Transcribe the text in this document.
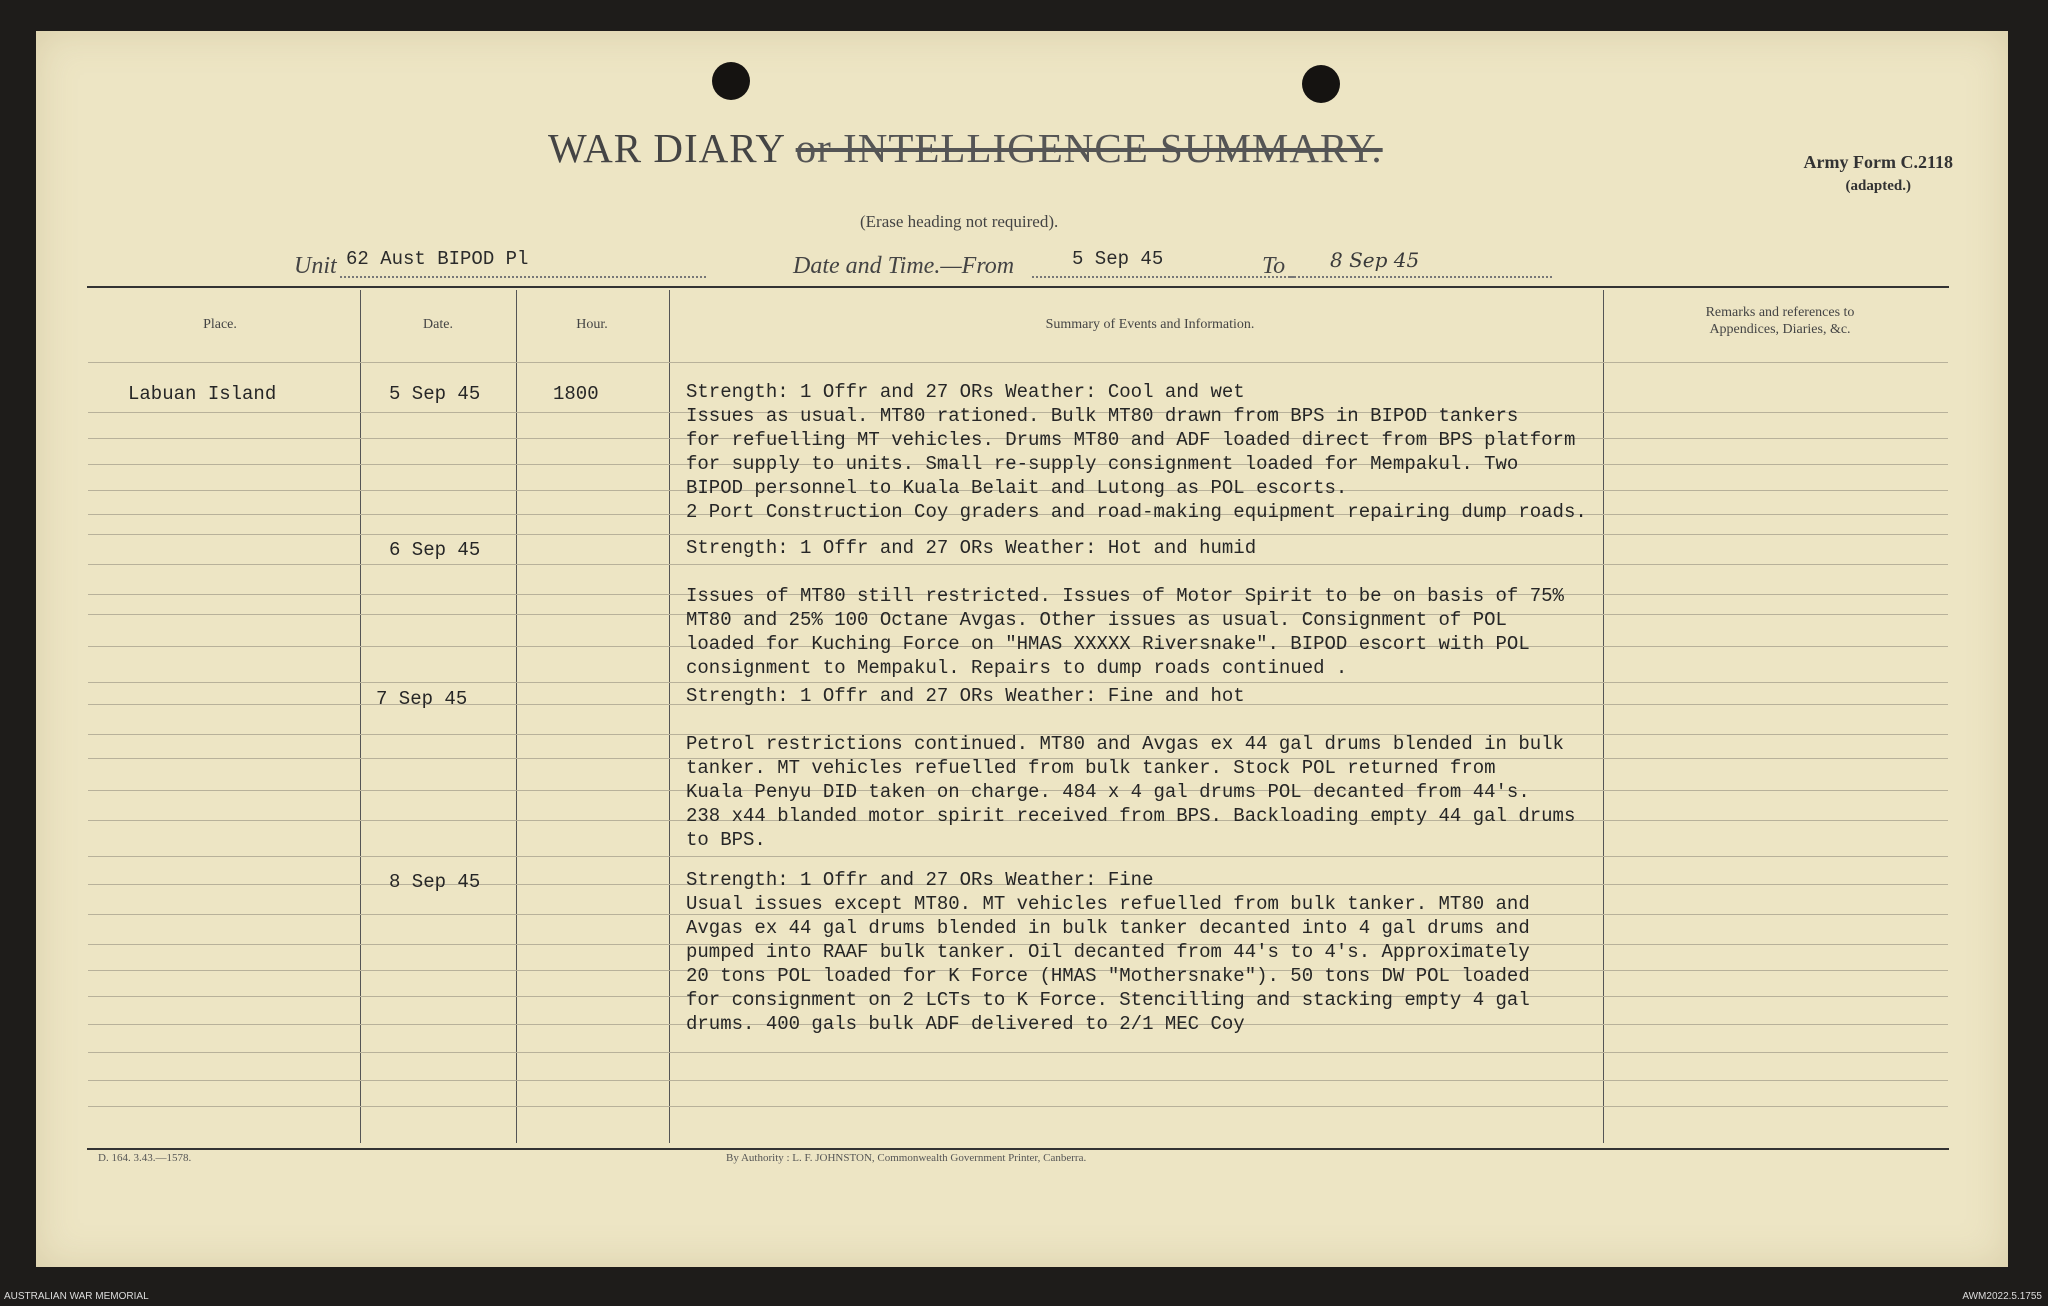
WAR DIARY or INTELLIGENCE SUMMARY.
(Erase heading not required).
Army Form C.2118
(adapted.)
Unit 62 Aust BIPOD Pl	Date and Time.—From	5 Sep 45	To	8 Sep 45
Place.	Date.	Hour.	Summary of Events and Information.
Remarks and references to
Appendices, Diaries, &c.
Labuan Island	5 Sep 45	1800	Strength: 1 Offr and 27 ORs Weather: Cool and wet
Issues as usual. MT80 rationed. Bulk MT80 drawn from BPS in BIPOD tankers
for refuelling MT vehicles. Drums MT80 and ADF loaded direct from BPS platform
for supply to units. Small re-supply consignment loaded for Mempakul. Two
BIPOD personnel to Kuala Belait and Lutong as POL escorts.
2 Port Construction Coy graders and road-making equipment repairing dump roads.
6 Sep 45	Strength: 1 Offr and 27 ORs Weather: Hot and humid
Issues of MT80 still restricted. Issues of Motor Spirit to be on basis of 75%
MT80 and 25% 100 Octane Avgas. Other issues as usual. Consignment of POL
loaded for Kuching Force on "HMAS XXXXX Riversnake". BIPOD escort with POL
consignment to Mempakul. Repairs to dump roads continued .
7 Sep 45	Strength: 1 Offr and 27 ORs Weather: Fine and hot
Petrol restrictions continued. MT80 and Avgas ex 44 gal drums blended in bulk
tanker. MT vehicles refuelled from bulk tanker. Stock POL returned from
Kuala Penyu DID taken on charge. 484 x 4 gal drums POL decanted from 44's.
238 x44 blanded motor spirit received from BPS. Backloading empty 44 gal drums
to BPS.
8 Sep 45	Strength: 1 Offr and 27 ORs Weather: Fine
Usual issues except MT80. MT vehicles refuelled from bulk tanker. MT80 and
Avgas ex 44 gal drums blended in bulk tanker decanted into 4 gal drums and
pumped into RAAF bulk tanker. Oil decanted from 44's to 4's. Approximately
20 tons POL loaded for K Force (HMAS "Mothersnake"). 50 tons DW POL loaded
for consignment on 2 LCTs to K Force. Stencilling and stacking empty 4 gal
drums. 400 gals bulk ADF delivered to 2/1 MEC Coy
D. 164. 3.43.—1578.	By Authority : L. F. JOHNSTON, Commonwealth Government Printer, Canberra.
AUSTRALIAN WAR MEMORIAL	AWM2022.5.1755
